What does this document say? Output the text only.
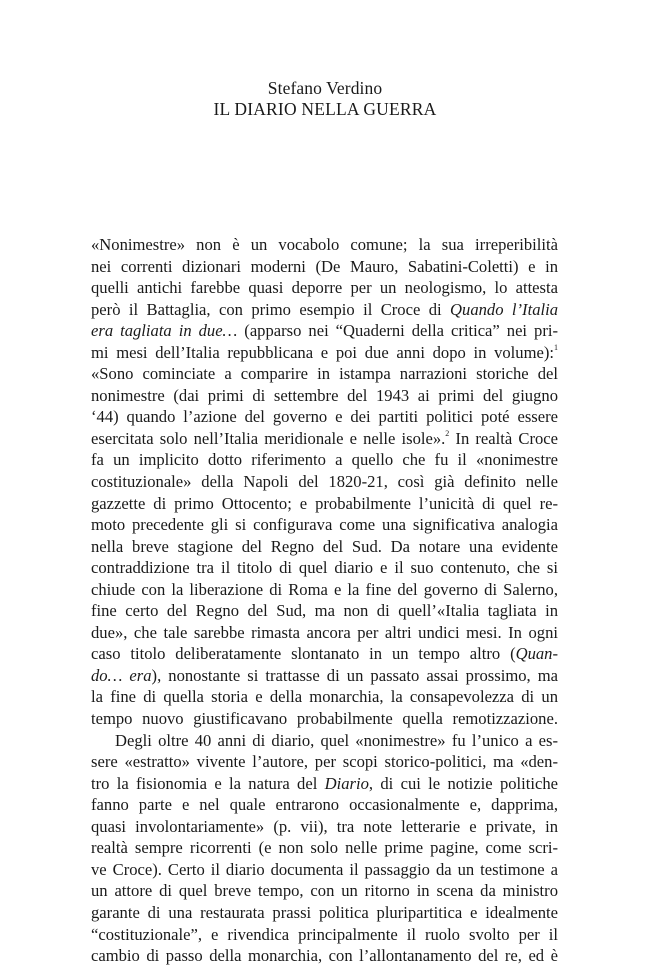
Stefano Verdino
IL DIARIO NELLA GUERRA
«Nonimestre» non è un vocabolo comune; la sua irreperibilità
nei correnti dizionari moderni (De Mauro, Sabatini-Coletti) e in
quelli antichi farebbe quasi deporre per un neologismo, lo attesta
però il Battaglia, con primo esempio il Croce di Quando l’Italia
era tagliata in due… (apparso nei “Quaderni della critica” nei pri-
mi mesi dell’Italia repubblicana e poi due anni dopo in volume):$^1$
«Sono cominciate a comparire in istampa narrazioni storiche del
nonimestre (dai primi di settembre del 1943 ai primi del giugno
‘44) quando l’azione del governo e dei partiti politici poté essere
esercitata solo nell’Italia meridionale e nelle isole».$^2$ In realtà Croce
fa un implicito dotto riferimento a quello che fu il «nonimestre
costituzionale» della Napoli del 1820-21, così già definito nelle
gazzette di primo Ottocento; e probabilmente l’unicità di quel re-
moto precedente gli si configurava come una significativa analogia
nella breve stagione del Regno del Sud. Da notare una evidente
contraddizione tra il titolo di quel diario e il suo contenuto, che si
chiude con la liberazione di Roma e la fine del governo di Salerno,
fine certo del Regno del Sud, ma non di quell’«Italia tagliata in
due», che tale sarebbe rimasta ancora per altri undici mesi. In ogni
caso titolo deliberatamente slontanato in un tempo altro (Quan-
do… era), nonostante si trattasse di un passato assai prossimo, ma
la fine di quella storia e della monarchia, la consapevolezza di un
tempo nuovo giustificavano probabilmente quella remotizzazione.
Degli oltre 40 anni di diario, quel «nonimestre» fu l’unico a es-
sere «estratto» vivente l’autore, per scopi storico-politici, ma «den-
tro la fisionomia e la natura del Diario, di cui le notizie politiche
fanno parte e nel quale entrarono occasionalmente e, dapprima,
quasi involontariamente» (p. vii), tra note letterarie e private, in
realtà sempre ricorrenti (e non solo nelle prime pagine, come scri-
ve Croce). Certo il diario documenta il passaggio da un testimone a
un attore di quel breve tempo, con un ritorno in scena da ministro
garante di una restaurata prassi politica pluripartitica e idealmente
“costituzionale”, e rivendica principalmente il ruolo svolto per il
cambio di passo della monarchia, con l’allontanamento del re, ed è
